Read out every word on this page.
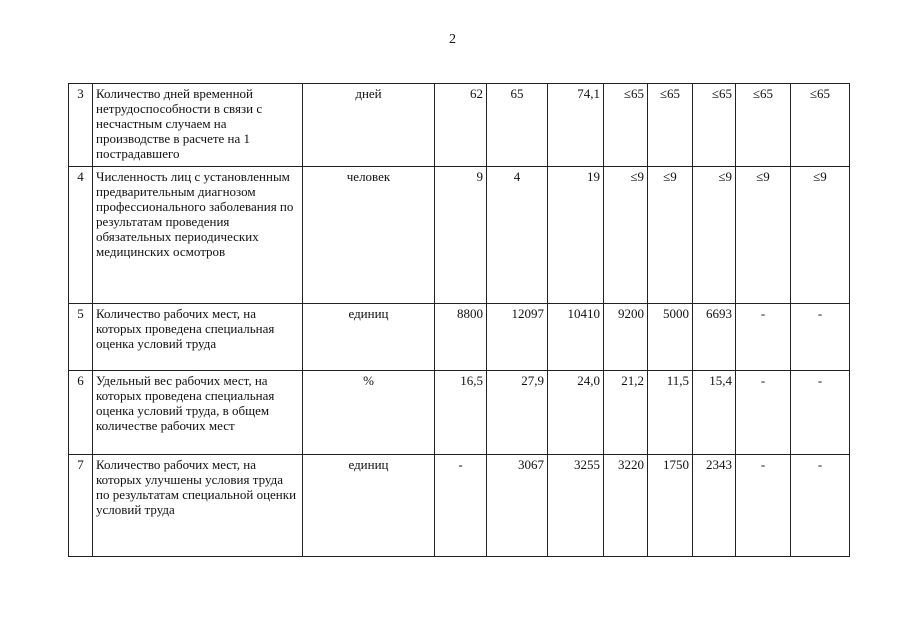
2
3	Количество дней временной нетрудоспособности в связи с несчастным случаем на производстве в расчете на 1 пострадавшего	дней	62	65	74,1	≤65	≤65	≤65	≤65	≤65
4	Численность лиц с установленным предварительным диагнозом профессионального заболевания по результатам проведения обязательных периодических медицинских осмотров	человек	9	4	19	≤9	≤9	≤9	≤9	≤9
5	Количество рабочих мест, на которых проведена специальная оценка условий труда	единиц	8800	12097	10410	9200	5000	6693	-	-
6	Удельный вес рабочих мест, на которых проведена специальная оценка условий труда, в общем количестве рабочих мест	%	16,5	27,9	24,0	21,2	11,5	15,4	-	-
7	Количество рабочих мест, на которых улучшены условия труда по результатам специальной оценки условий труда	единиц	-	3067	3255	3220	1750	2343	-	-
